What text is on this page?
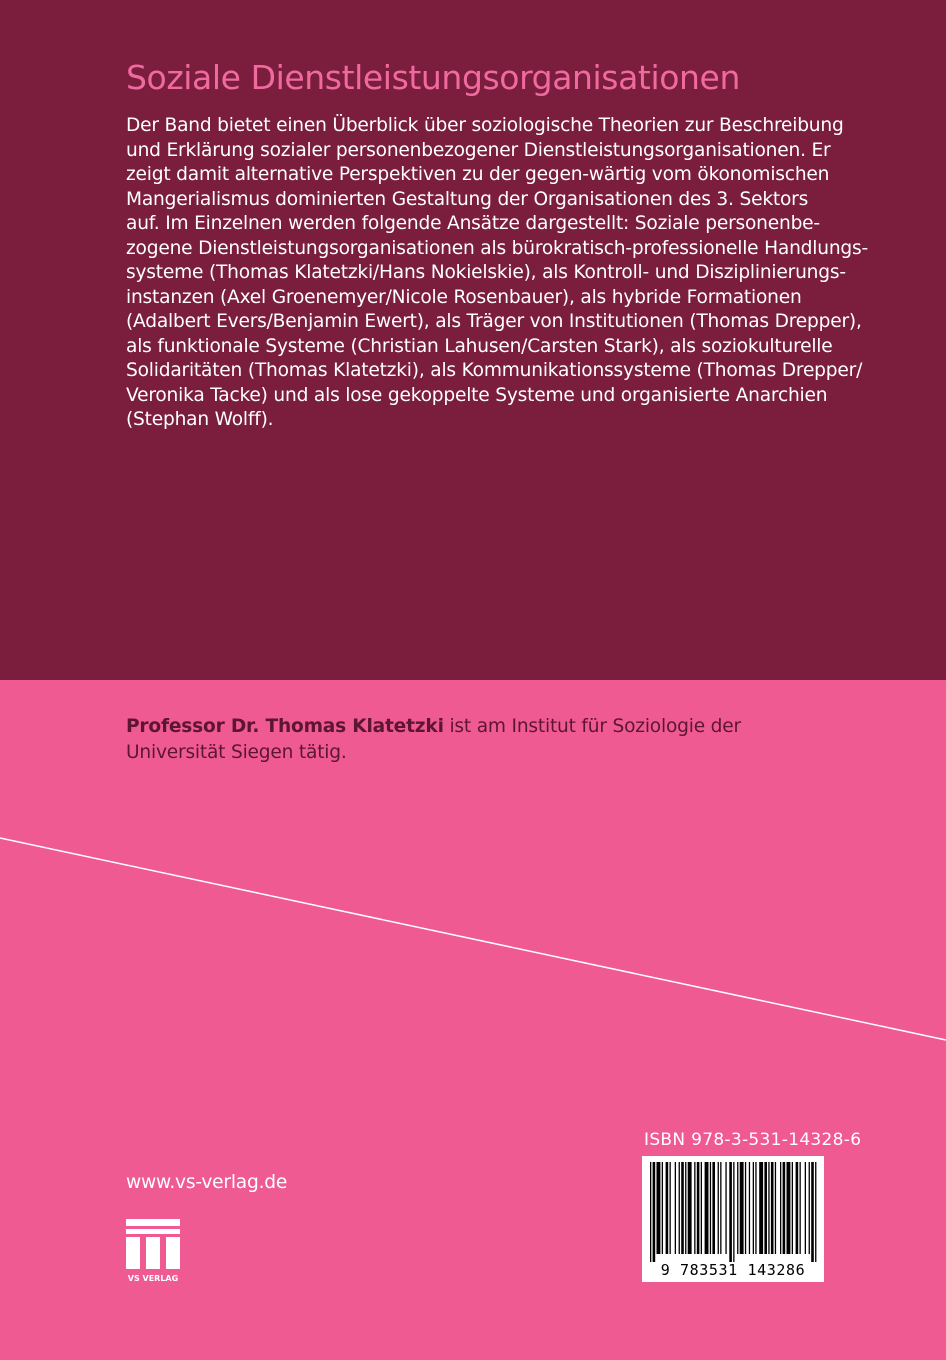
Soziale Dienstleistungsorganisationen
Der Band bietet einen Überblick über soziologische Theorien zur Beschreibung
und Erklärung sozialer personenbezogener Dienstleistungsorganisationen. Er
zeigt damit alternative Perspektiven zu der gegen-wärtig vom ökonomischen
Mangerialismus dominierten Gestaltung der Organisationen des 3. Sektors
auf. Im Einzelnen werden folgende Ansätze dargestellt: Soziale personenbe-
zogene Dienstleistungsorganisationen als bürokratisch-professionelle Handlungs-
systeme (Thomas Klatetzki/Hans Nokielskie), als Kontroll- und Disziplinierungs-
instanzen (Axel Groenemyer/Nicole Rosenbauer), als hybride Formationen
(Adalbert Evers/Benjamin Ewert), als Träger von Institutionen (Thomas Drepper),
als funktionale Systeme (Christian Lahusen/Carsten Stark), als soziokulturelle
Solidaritäten (Thomas Klatetzki), als Kommunikationssysteme (Thomas Drepper/
Veronika Tacke) und als lose gekoppelte Systeme und organisierte Anarchien
(Stephan Wolff).
Professor Dr. Thomas Klatetzki ist am Institut für Soziologie der
Universität Siegen tätig.
www.vs-verlag.de
VS VERLAG
ISBN 978-3-531-14328-6
9 783531 143286
